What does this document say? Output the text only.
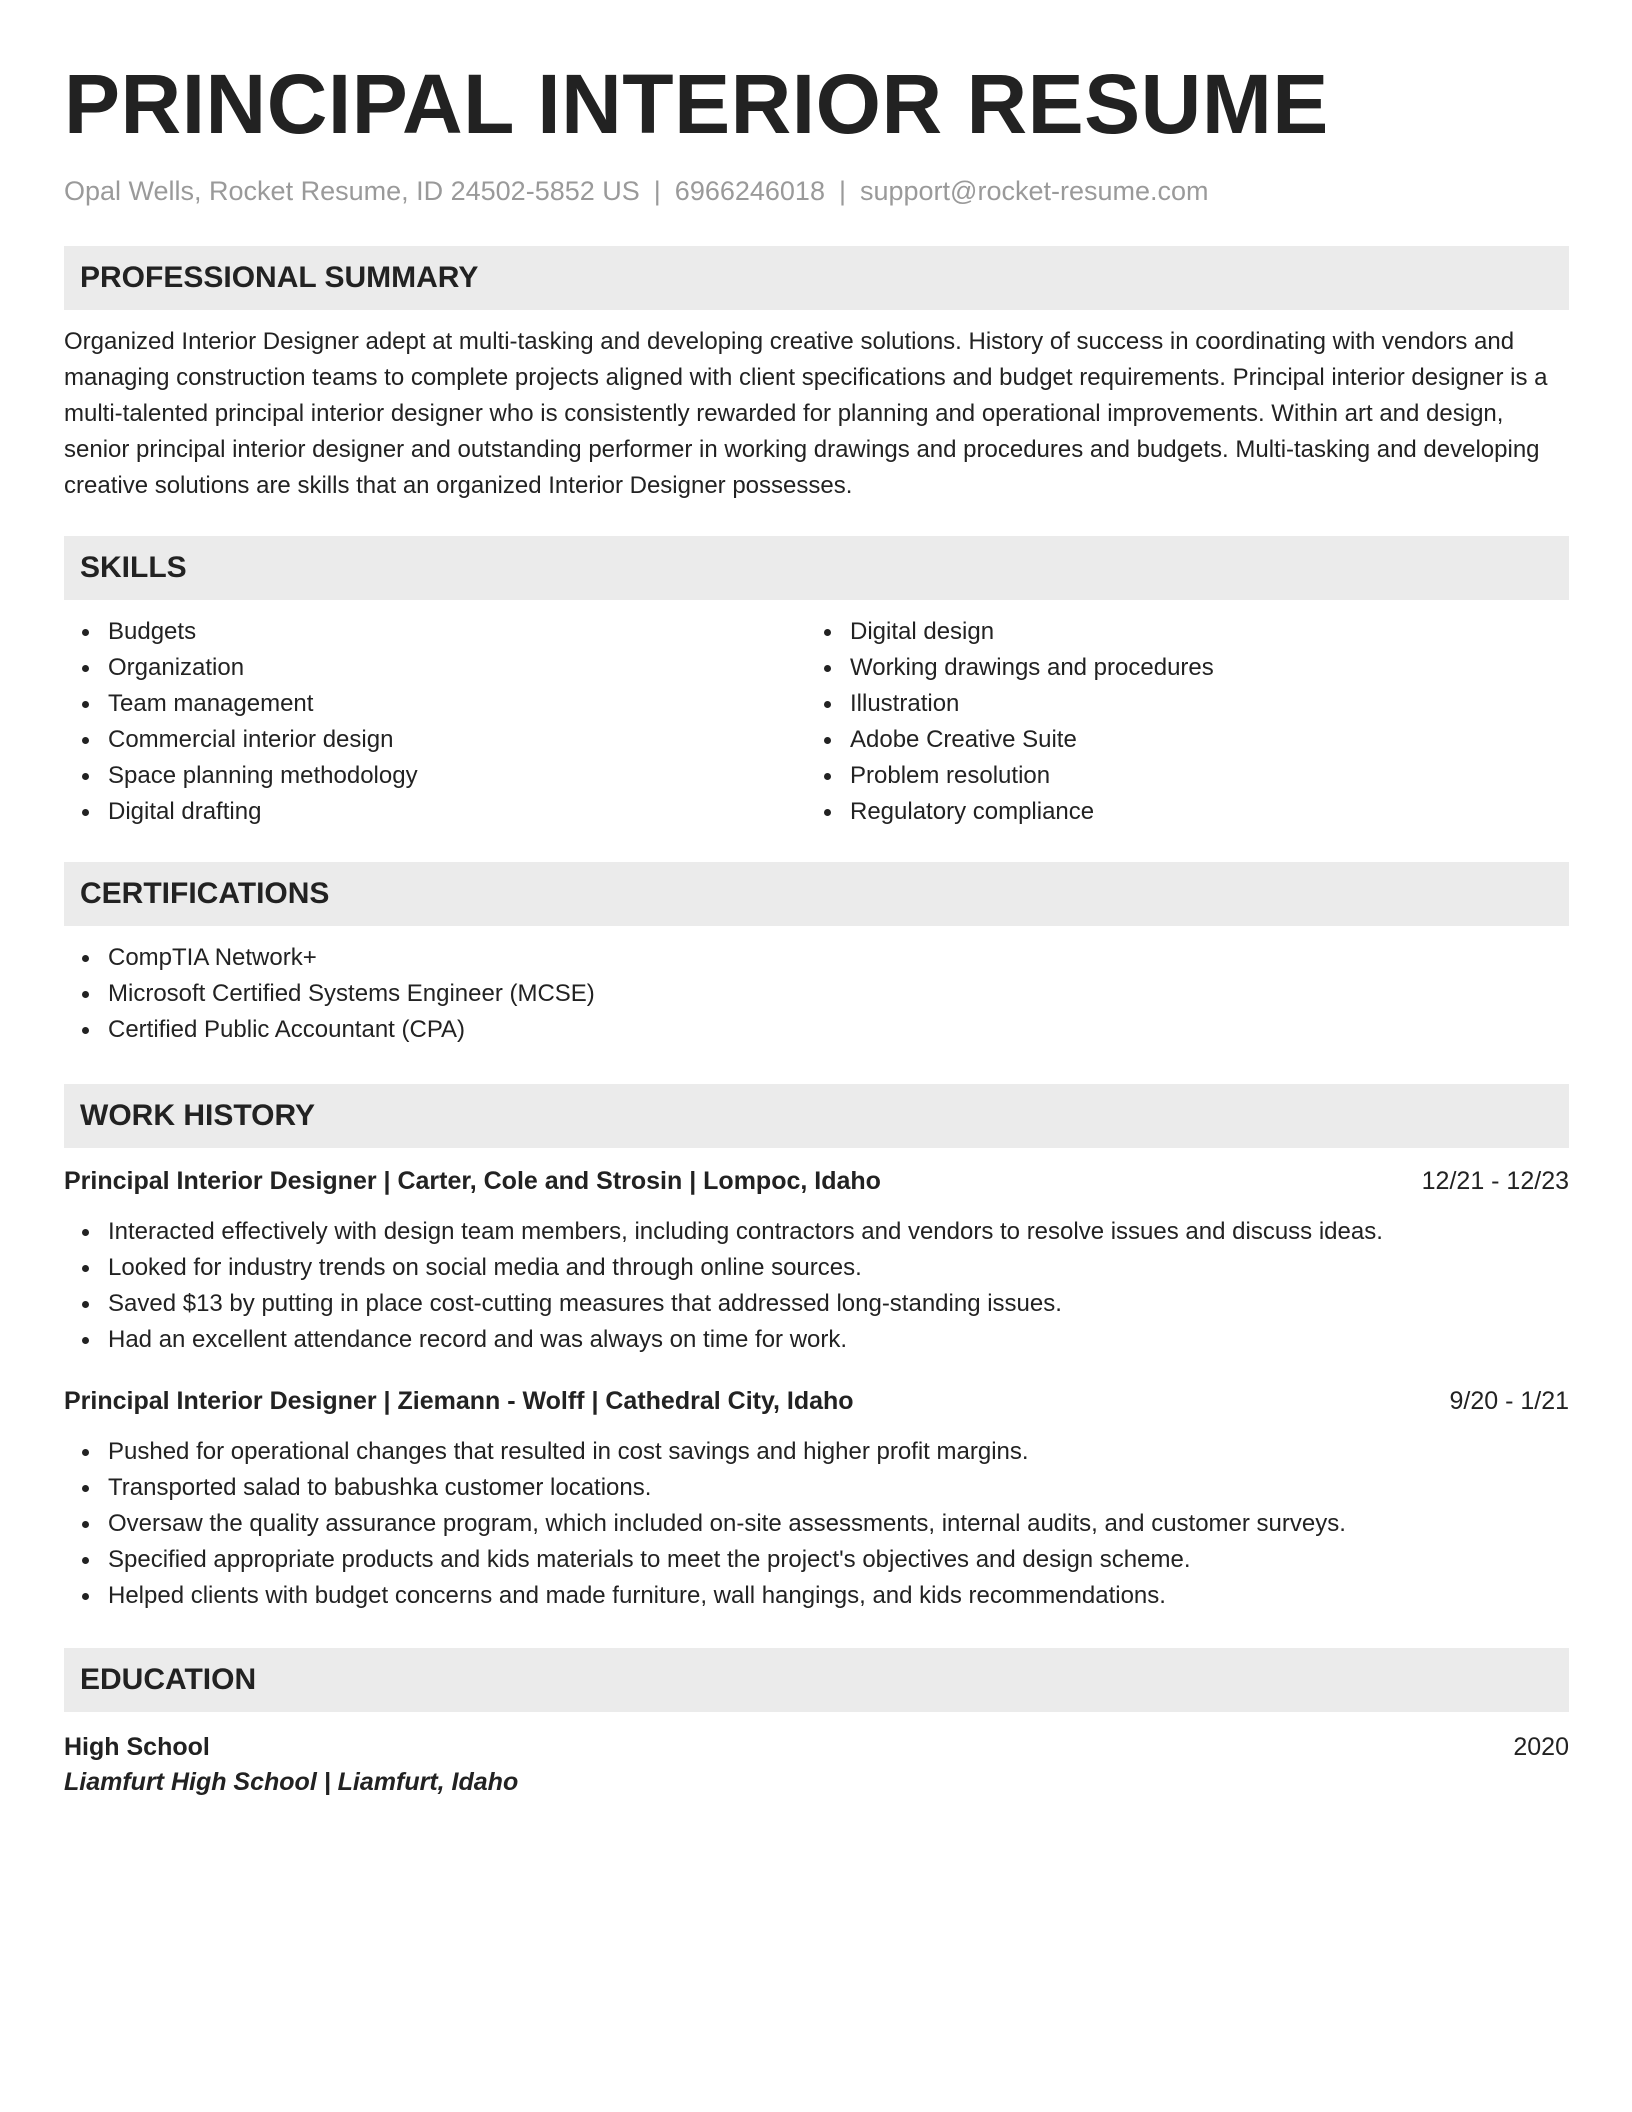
PRINCIPAL INTERIOR RESUME
Opal Wells, Rocket Resume, ID 24502-5852 US | 6966246018 | support@rocket-resume.com
PROFESSIONAL SUMMARY
Organized Interior Designer adept at multi-tasking and developing creative solutions. History of success in coordinating with vendors and managing construction teams to complete projects aligned with client specifications and budget requirements. Principal interior designer is a multi-talented principal interior designer who is consistently rewarded for planning and operational improvements. Within art and design, senior principal interior designer and outstanding performer in working drawings and procedures and budgets. Multi-tasking and developing creative solutions are skills that an organized Interior Designer possesses.
SKILLS
Budgets
Organization
Team management
Commercial interior design
Space planning methodology
Digital drafting
Digital design
Working drawings and procedures
Illustration
Adobe Creative Suite
Problem resolution
Regulatory compliance
CERTIFICATIONS
CompTIA Network+
Microsoft Certified Systems Engineer (MCSE)
Certified Public Accountant (CPA)
WORK HISTORY
Principal Interior Designer | Carter, Cole and Strosin | Lompoc, Idaho	12/21 - 12/23
Interacted effectively with design team members, including contractors and vendors to resolve issues and discuss ideas.
Looked for industry trends on social media and through online sources.
Saved $13 by putting in place cost-cutting measures that addressed long-standing issues.
Had an excellent attendance record and was always on time for work.
Principal Interior Designer | Ziemann - Wolff | Cathedral City, Idaho	9/20 - 1/21
Pushed for operational changes that resulted in cost savings and higher profit margins.
Transported salad to babushka customer locations.
Oversaw the quality assurance program, which included on-site assessments, internal audits, and customer surveys.
Specified appropriate products and kids materials to meet the project's objectives and design scheme.
Helped clients with budget concerns and made furniture, wall hangings, and kids recommendations.
EDUCATION
High School	2020
Liamfurt High School | Liamfurt, Idaho
